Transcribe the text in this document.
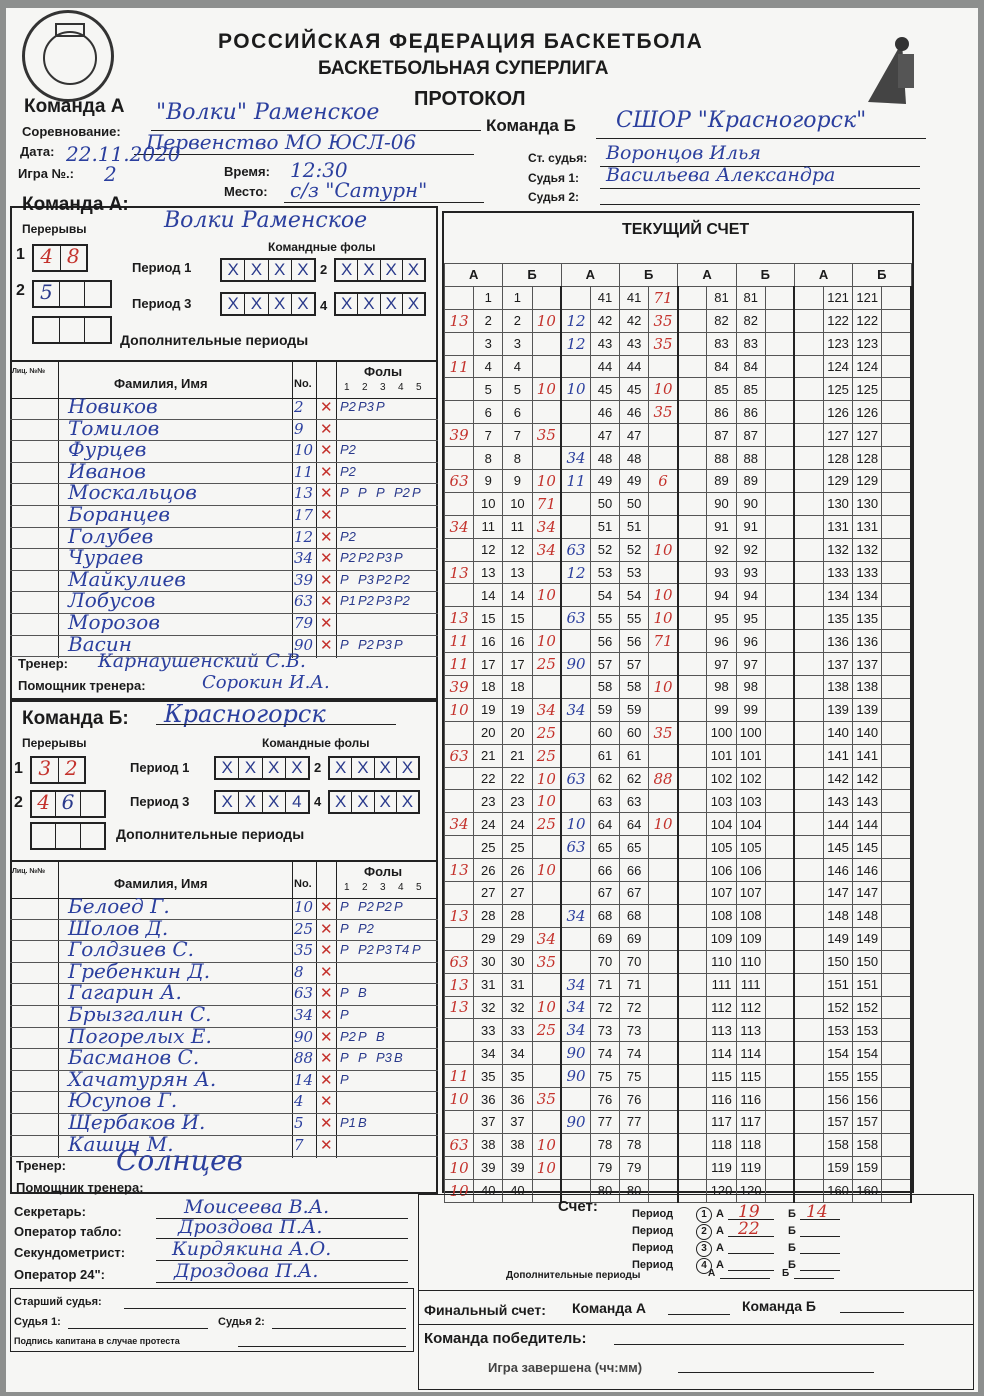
РОССИЙСКАЯ ФЕДЕРАЦИЯ БАСКЕТБОЛА
БАСКЕТБОЛЬНАЯ СУПЕРЛИГА
ПРОТОКОЛ
Команда А "Волки" Раменское
Команда Б СШОР "Красногорск"
Соревнование: Первенство МО ЮСЛ-06
Дата: 22.11.2020
Время: 12:30
Игра №.: 2
Место: с/з "Сатурн"
Ст. судья: Воронцов Илья
Судья 1: Васильева Александра
Судья 2:
Команда А:
Волки Раменское
Перерывы
Командные фолы
1 4 8
2 5
Период 1	X X X X 2 X X X X
Период 3	X X X X 4 X X X X
Дополнительные периоды
Лиц. №№
Фамилия, Имя	No.
Фолы
1 2 3 4 5
Новиков	2 ✕ P2 P3 P
Томилов	9 ✕
Фурцев	10 ✕ P2
Иванов	11 ✕ P2
Москальцов	13 ✕ P P P P2 P
Боранцев	17 ✕
Голубев	12 ✕ P2
Чураев	34 ✕ P2 P2 P3 P
Майкулиев	39 ✕ P P3 P2 P2
Лобусов	63 ✕ P1 P2 P3 P2
Морозов	79 ✕
Васин	90 ✕ P P2 P3 P
Тренер: Карнаушенский С.В.
Помощник тренера:	Сорокин И.А.
Команда Б: Красногорск
Перерывы	Командные фолы
1 3 2
2 4 6
Период 1	X X X X 2 X X X X
Период 3	X X X 4 4 X X X X
Дополнительные периоды
Лиц. №№
Фамилия, Имя	No.
Фолы
1 2 3 4 5
Белоед Г.	10 ✕ P P2 P2 P
Шолов Д.	25 ✕ P P2
Голдзиев С.	35 ✕ P P2 P3 T4 P
Гребенкин Д.	8 ✕
Гагарин А.	63 ✕ P B
Брызгалин С.	34 ✕ P
Погорелых Е.	90 ✕ P2 P B
Басманов С.	88 ✕ P P P3 B
Хачатурян А.	14 ✕ P
Юсупов Г.	4 ✕
Щербаков И.	5 ✕ P1 B
Кашин М.	7 ✕
Тренер: Солнцев
Помощник тренера:
Секретарь:	Моисеева В.А.
Оператор табло:	Дроздова П.А.
Секундометрист: Кирдякина А.О.
Оператор 24":	Дроздова П.А.
Старший судья:
Судья 1:	Судья 2:
Подпись капитана в случае протеста
ТЕКУЩИЙ СЧЕТ
А		Б		А		Б		А		Б		А		Б	
	1	1			41	41	71		81	81			121	121	
13	2	2	10	12	42	42	35		82	82			122	122	
	3	3		12	43	43	35		83	83			123	123	
11	4	4			44	44			84	84			124	124	
	5	5	10	10	45	45	10		85	85			125	125	
	6	6			46	46	35		86	86			126	126	
39	7	7	35		47	47			87	87			127	127	
	8	8		34	48	48			88	88			128	128	
63	9	9	10	11	49	49	6		89	89			129	129	
	10	10	71		50	50			90	90			130	130	
34	11	11	34		51	51			91	91			131	131	
	12	12	34	63	52	52	10		92	92			132	132	
13	13	13		12	53	53			93	93			133	133	
	14	14	10		54	54	10		94	94			134	134	
13	15	15		63	55	55	10		95	95			135	135	
11	16	16	10		56	56	71		96	96			136	136	
11	17	17	25	90	57	57			97	97			137	137	
39	18	18			58	58	10		98	98			138	138	
10	19	19	34	34	59	59			99	99			139	139	
	20	20	25		60	60	35		100	100			140	140	
63	21	21	25		61	61			101	101			141	141	
	22	22	10	63	62	62	88		102	102			142	142	
	23	23	10		63	63			103	103			143	143	
34	24	24	25	10	64	64	10		104	104			144	144	
	25	25		63	65	65			105	105			145	145	
13	26	26	10		66	66			106	106			146	146	
	27	27			67	67			107	107			147	147	
13	28	28		34	68	68			108	108			148	148	
	29	29	34		69	69			109	109			149	149	
63	30	30	35		70	70			110	110			150	150	
13	31	31		34	71	71			111	111			151	151	
13	32	32	10	34	72	72			112	112			152	152	
	33	33	25	34	73	73			113	113			153	153	
	34	34		90	74	74			114	114			154	154	
11	35	35		90	75	75			115	115			155	155	
10	36	36	35		76	76			116	116			156	156	
	37	37		90	77	77			117	117			157	157	
63	38	38	10		78	78			118	118			158	158	
10	39	39	10		79	79			119	119			159	159	
10	40	40			80	80			120	120			160	160	
Счет:	Период	1 А 19	Б 14
Период	2 А 22	Б
Период	3 А	Б
Период	4 А	Б
Дополнительные периоды	А	Б
Финальный счет: Команда А	Команда Б
Команда победитель:
Игра завершена (чч:мм)
